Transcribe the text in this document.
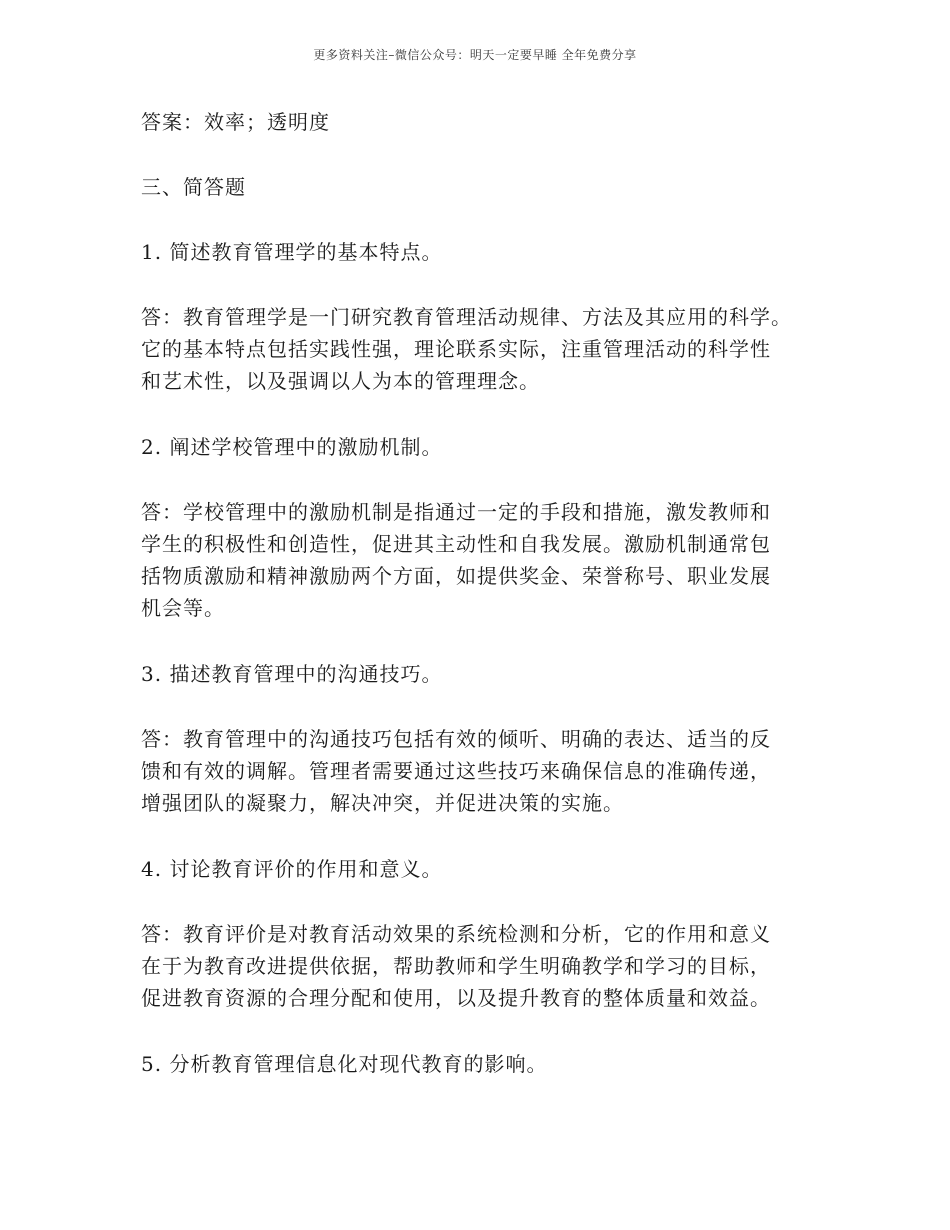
更多资料关注–微信公众号：明天一定要早睡 全年免费分享

答案：效率；透明度

三、简答题

1. 简述教育管理学的基本特点。

答：教育管理学是一门研究教育管理活动规律、方法及其应用的科学。
它的基本特点包括实践性强，理论联系实际，注重管理活动的科学性
和艺术性，以及强调以人为本的管理理念。

2. 阐述学校管理中的激励机制。

答：学校管理中的激励机制是指通过一定的手段和措施，激发教师和
学生的积极性和创造性，促进其主动性和自我发展。激励机制通常包
括物质激励和精神激励两个方面，如提供奖金、荣誉称号、职业发展
机会等。

3. 描述教育管理中的沟通技巧。

答：教育管理中的沟通技巧包括有效的倾听、明确的表达、适当的反
馈和有效的调解。管理者需要通过这些技巧来确保信息的准确传递，
增强团队的凝聚力，解决冲突，并促进决策的实施。

4. 讨论教育评价的作用和意义。

答：教育评价是对教育活动效果的系统检测和分析，它的作用和意义
在于为教育改进提供依据，帮助教师和学生明确教学和学习的目标，
促进教育资源的合理分配和使用，以及提升教育的整体质量和效益。

5. 分析教育管理信息化对现代教育的影响。
